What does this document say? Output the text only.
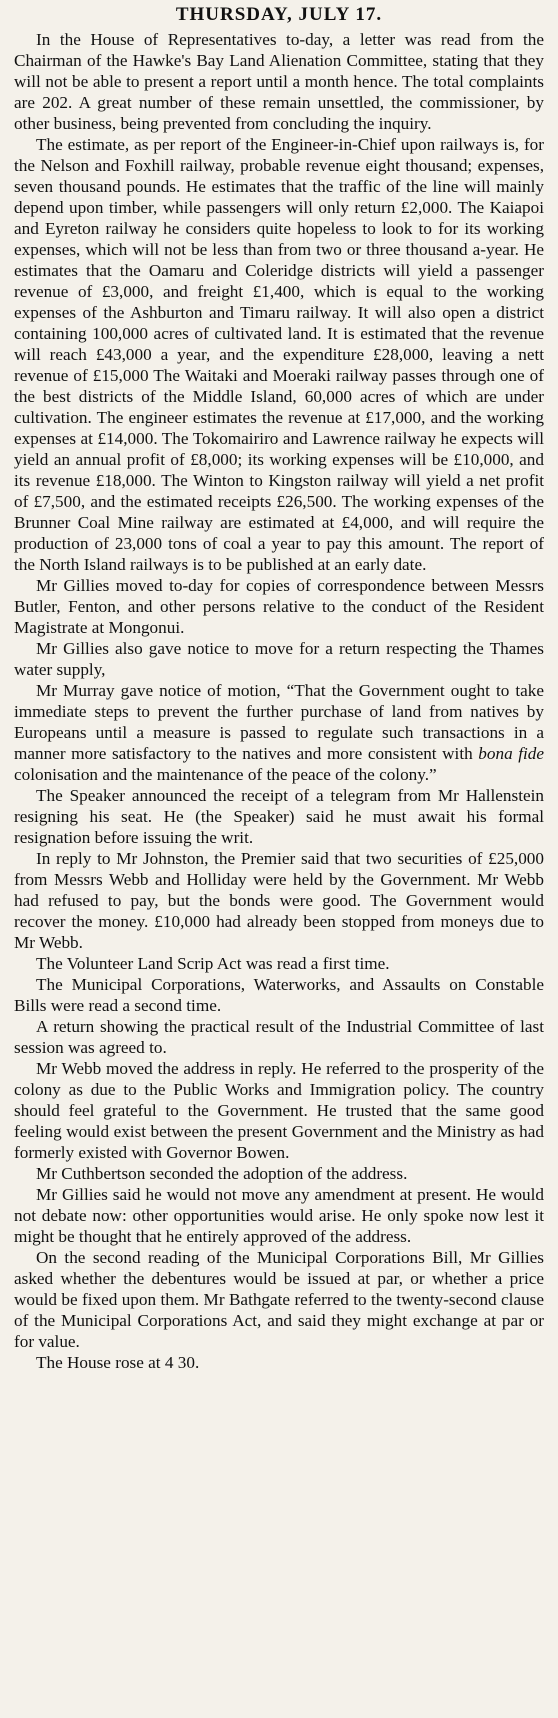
THURSDAY, JULY 17.

In the House of Representatives to-day, a letter was read from the Chairman of the Hawke's Bay Land Alienation Committee, stating that they will not be able to present a report until a month hence. The total complaints are 202. A great number of these remain unsettled, the commissioner, by other business, being prevented from concluding the inquiry.

The estimate, as per report of the Engineer-in-Chief upon railways is, for the Nelson and Foxhill railway, probable revenue eight thousand; expenses, seven thousand pounds. He estimates that the traffic of the line will mainly depend upon timber, while passengers will only return £2,000. The Kaiapoi and Eyreton railway he considers quite hopeless to look to for its working expenses, which will not be less than from two or three thousand a-year. He estimates that the Oamaru and Coleridge districts will yield a passenger revenue of £3,000, and freight £1,400, which is equal to the working expenses of the Ashburton and Timaru railway. It will also open a district containing 100,000 acres of cultivated land. It is estimated that the revenue will reach £43,000 a year, and the expenditure £28,000, leaving a nett revenue of £15,000 The Waitaki and Moeraki railway passes through one of the best districts of the Middle Island, 60,000 acres of which are under cultivation. The engineer estimates the revenue at £17,000, and the working expenses at £14,000. The Tokomairiro and Lawrence railway he expects will yield an annual profit of £8,000; its working expenses will be £10,000, and its revenue £18,000. The Winton to Kingston railway will yield a net profit of £7,500, and the estimated receipts £26,500. The working expenses of the Brunner Coal Mine railway are estimated at £4,000, and will require the production of 23,000 tons of coal a year to pay this amount. The report of the North Island railways is to be published at an early date.

Mr Gillies moved to-day for copies of correspondence between Messrs Butler, Fenton, and other persons relative to the conduct of the Resident Magistrate at Mongonui.

Mr Gillies also gave notice to move for a return respecting the Thames water supply,

Mr Murray gave notice of motion, “That the Government ought to take immediate steps to prevent the further purchase of land from natives by Europeans until a measure is passed to regulate such transactions in a manner more satisfactory to the natives and more consistent with bona fide colonisation and the maintenance of the peace of the colony.”

The Speaker announced the receipt of a telegram from Mr Hallenstein resigning his seat. He (the Speaker) said he must await his formal resignation before issuing the writ.

In reply to Mr Johnston, the Premier said that two securities of £25,000 from Messrs Webb and Holliday were held by the Government. Mr Webb had refused to pay, but the bonds were good. The Government would recover the money. £10,000 had already been stopped from moneys due to Mr Webb.

The Volunteer Land Scrip Act was read a first time.

The Municipal Corporations, Waterworks, and Assaults on Constable Bills were read a second time.

A return showing the practical result of the Industrial Committee of last session was agreed to.

Mr Webb moved the address in reply. He referred to the prosperity of the colony as due to the Public Works and Immigration policy. The country should feel grateful to the Government. He trusted that the same good feeling would exist between the present Government and the Ministry as had formerly existed with Governor Bowen.

Mr Cuthbertson seconded the adoption of the address.

Mr Gillies said he would not move any amendment at present. He would not debate now: other opportunities would arise. He only spoke now lest it might be thought that he entirely approved of the address.

On the second reading of the Municipal Corporations Bill, Mr Gillies asked whether the debentures would be issued at par, or whether a price would be fixed upon them. Mr Bathgate referred to the twenty-second clause of the Municipal Corporations Act, and said they might exchange at par or for value.

The House rose at 4 30.
